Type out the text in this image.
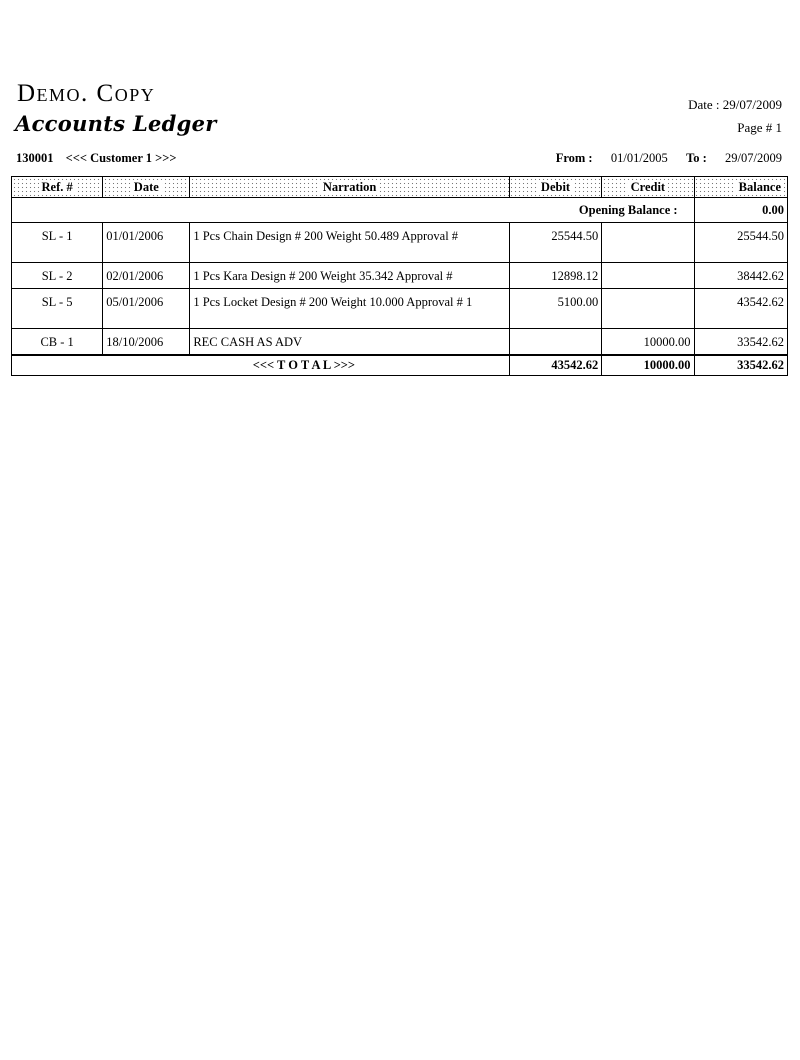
Demo. Copy
Accounts Ledger
Date : 29/07/2009
Page # 1
130001 <<< Customer 1 >>>	From : 01/01/2005 To : 29/07/2009
Ref. #	Date	Narration	Debit	Credit	Balance
Opening Balance :					0.00
SL - 1	01/01/2006	1 Pcs Chain Design # 200 Weight 50.489 Approval #	25544.50		25544.50
SL - 2	02/01/2006	1 Pcs Kara Design # 200 Weight 35.342 Approval #	12898.12		38442.62
SL - 5	05/01/2006	1 Pcs Locket Design # 200 Weight 10.000 Approval # 1	5100.00		43542.62
CB - 1	18/10/2006	REC CASH AS ADV		10000.00	33542.62
<<< T O T A L >>>			43542.62	10000.00	33542.62
